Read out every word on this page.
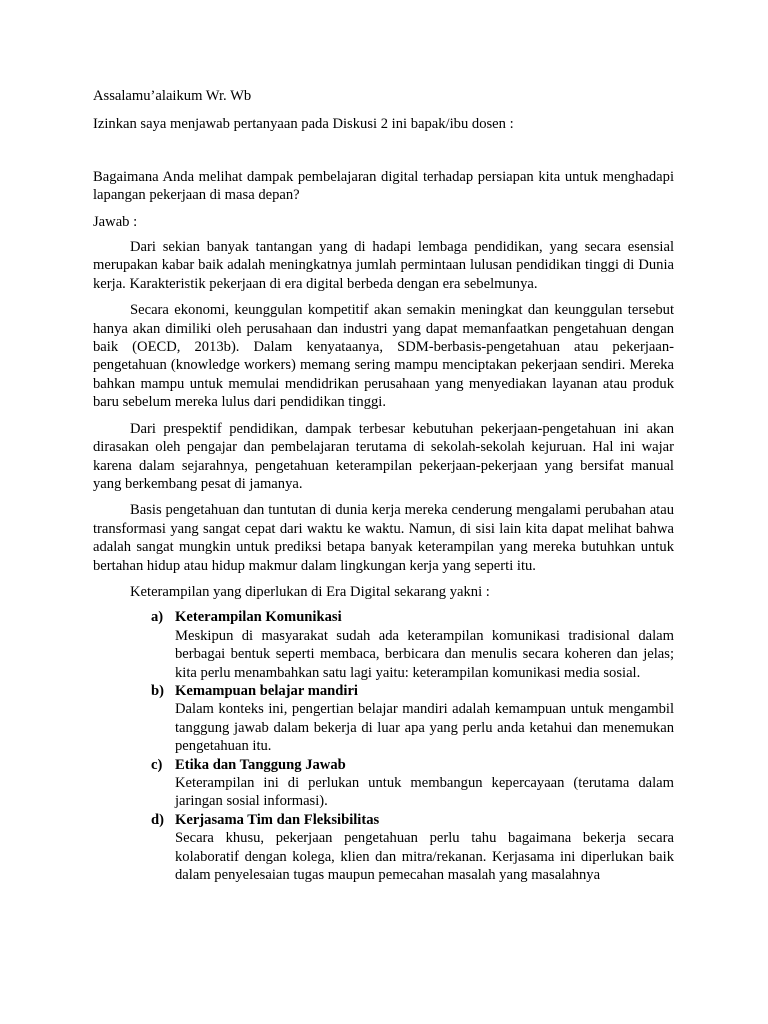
Assalamu’alaikum Wr. Wb

Izinkan saya menjawab pertanyaan pada Diskusi 2 ini bapak/ibu dosen :

Bagaimana Anda melihat dampak pembelajaran digital terhadap persiapan kita untuk menghadapi lapangan pekerjaan di masa depan?

Jawab :

Dari sekian banyak tantangan yang di hadapi lembaga pendidikan, yang secara esensial merupakan kabar baik adalah meningkatnya jumlah permintaan lulusan pendidikan tinggi di Dunia kerja. Karakteristik pekerjaan di era digital berbeda dengan era sebelmunya.

Secara ekonomi, keunggulan kompetitif akan semakin meningkat dan keunggulan tersebut hanya akan dimiliki oleh perusahaan dan industri yang dapat memanfaatkan pengetahuan dengan baik (OECD, 2013b). Dalam kenyataanya, SDM-berbasis-pengetahuan atau pekerjaan-pengetahuan (knowledge workers) memang sering mampu menciptakan pekerjaan sendiri. Mereka bahkan mampu untuk memulai mendidrikan perusahaan yang menyediakan layanan atau produk baru sebelum mereka lulus dari pendidikan tinggi.

Dari prespektif pendidikan, dampak terbesar kebutuhan pekerjaan-pengetahuan ini akan dirasakan oleh pengajar dan pembelajaran terutama di sekolah-sekolah kejuruan. Hal ini wajar karena dalam sejarahnya, pengetahuan keterampilan pekerjaan-pekerjaan yang bersifat manual yang berkembang pesat di jamanya.

Basis pengetahuan dan tuntutan di dunia kerja mereka cenderung mengalami perubahan atau transformasi yang sangat cepat dari waktu ke waktu. Namun, di sisi lain kita dapat melihat bahwa adalah sangat mungkin untuk prediksi betapa banyak keterampilan yang mereka butuhkan untuk bertahan hidup atau hidup makmur dalam lingkungan kerja yang seperti itu.

Keterampilan yang diperlukan di Era Digital sekarang yakni :

a) Keterampilan Komunikasi
Meskipun di masyarakat sudah ada keterampilan komunikasi tradisional dalam berbagai bentuk seperti membaca, berbicara dan menulis secara koheren dan jelas; kita perlu menambahkan satu lagi yaitu: keterampilan komunikasi media sosial.
b) Kemampuan belajar mandiri
Dalam konteks ini, pengertian belajar mandiri adalah kemampuan untuk mengambil tanggung jawab dalam bekerja di luar apa yang perlu anda ketahui dan menemukan pengetahuan itu.
c) Etika dan Tanggung Jawab
Keterampilan ini di perlukan untuk membangun kepercayaan (terutama dalam jaringan sosial informasi).
d) Kerjasama Tim dan Fleksibilitas
Secara khusu, pekerjaan pengetahuan perlu tahu bagaimana bekerja secara kolaboratif dengan kolega, klien dan mitra/rekanan. Kerjasama ini diperlukan baik dalam penyelesaian tugas maupun pemecahan masalah yang masalahnya
